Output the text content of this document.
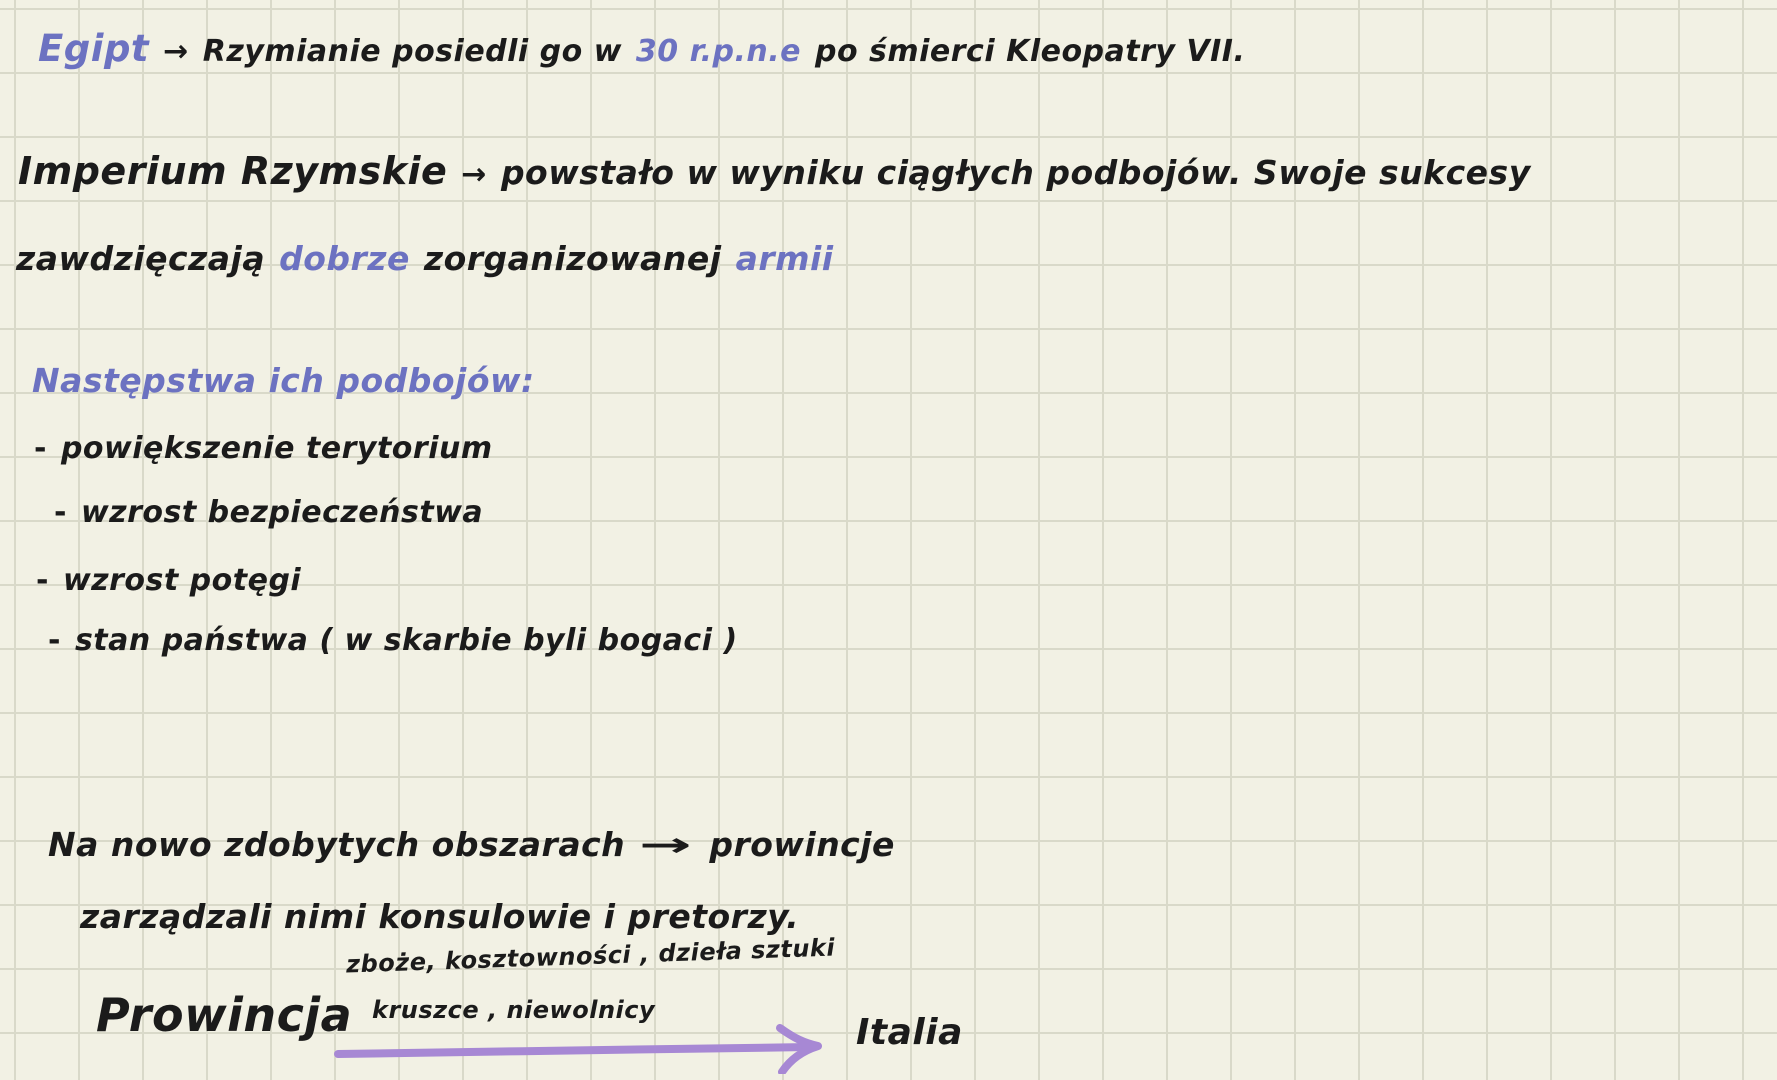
Egipt → Rzymianie posiedli go w 30 r.p.n.e po śmierci Kleopatry VII.
Imperium Rzymskie → powstało w wyniku ciągłych podbojów. Swoje sukcesy
zawdzięczają dobrze zorganizowanej armii
Następstwa ich podbojów:
- powiększenie terytorium
- wzrost bezpieczeństwa
- wzrost potęgi
- stan państwa ( w skarbie byli bogaci )
Na nowo zdobytych obszarach → prowincje
zarządzali nimi konsulowie i pretorzy.
Prowincja
zboże, kosztowności , dzieła sztuki
kruszce , niewolnicy
Italia
